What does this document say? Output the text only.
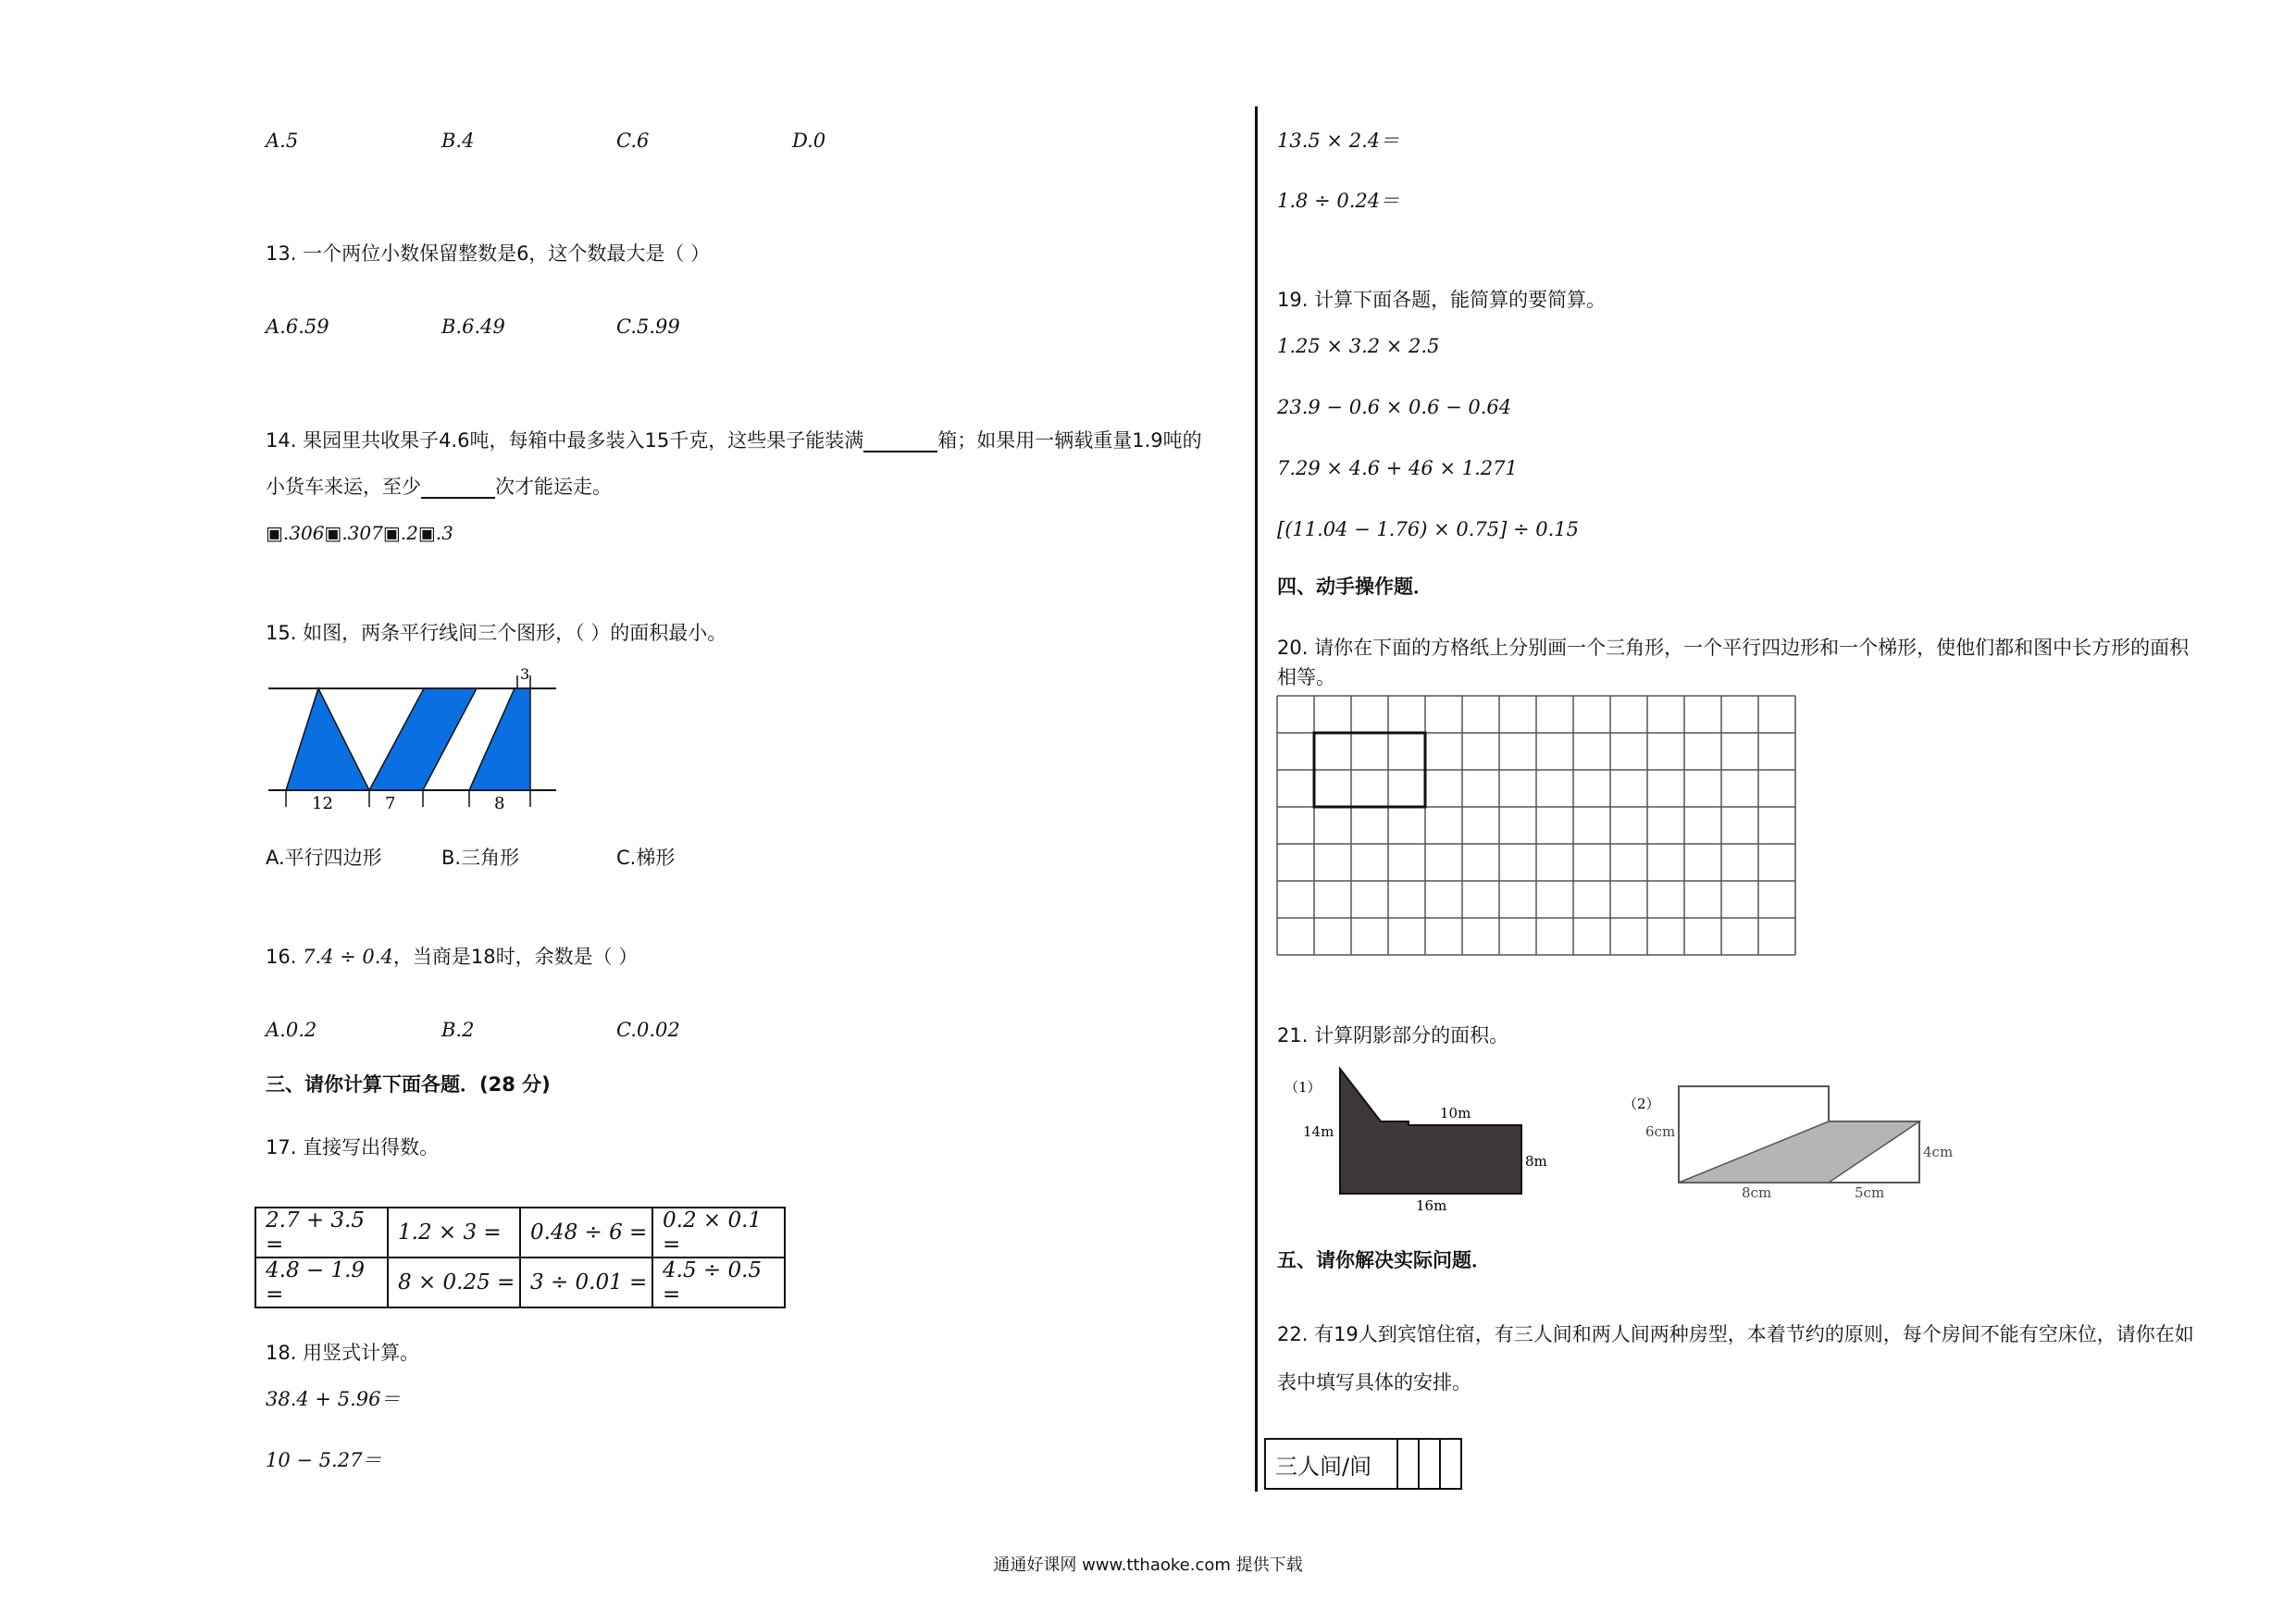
A.5	B.4	C.6	D.0
13. 一个两位小数保留整数是6，这个数最大是（ ）
A.6.59	B.6.49	C.5.99
14. 果园里共收果子4.6吨，每箱中最多装入15千克，这些果子能装满	箱；如果用一辆载重量1.9吨的
小货车来运，至少	次才能运走。
▣.306▣.307▣.2▣.3
15. 如图，两条平行线间三个图形，（ ）的面积最小。
3
12	7	8
A.平行四边形	B.三角形	C.梯形
16. 7.4 ÷ 0.4，当商是18时，余数是（ ）
A.0.2	B.2	C.0.02
三、请你计算下面各题．(28 分)
17. 直接写出得数。
2.7 + 3.5 =	1.2 × 3 =	0.48 ÷ 6 =	0.2 × 0.1 =
4.8 − 1.9 =	8 × 0.25 =	3 ÷ 0.01 =	4.5 ÷ 0.5 =
18. 用竖式计算。
38.4 + 5.96＝
10 − 5.27＝
13.5 × 2.4＝
1.8 ÷ 0.24＝
19. 计算下面各题，能简算的要简算。
1.25 × 3.2 × 2.5
23.9 − 0.6 × 0.6 − 0.64
7.29 × 4.6 + 46 × 1.271
[(11.04 − 1.76) × 0.75] ÷ 0.15
四、动手操作题．
20. 请你在下面的方格纸上分别画一个三角形，一个平行四边形和一个梯形，使他们都和图中长方形的面积
相等。
21. 计算阴影部分的面积。
（1）
14m
10m
8m
16m
（2）
6cm
4cm
8cm	5cm
五、请你解决实际问题．
22. 有19人到宾馆住宿，有三人间和两人间两种房型，本着节约的原则，每个房间不能有空床位，请你在如
表中填写具体的安排。
三人间/间			
通通好课网 www.tthaoke.com 提供下载
